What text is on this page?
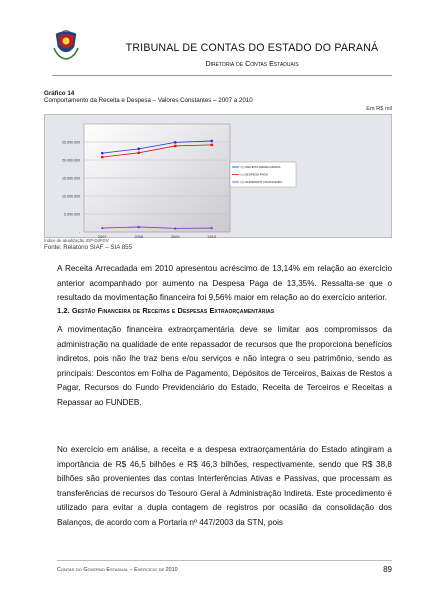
TRIBUNAL DE CONTAS DO ESTADO DO PARANÁ
Diretoria de Contas Estaduais
Gráfico 14
Comportamento da Receita e Despesa – Valores Constantes – 2007 a 2010
Em R$ mil
25.000.000
20.000.000
15.000.000
10.000.000
5.000.000
-
2007	2008	2009	2010
(=) RECEITA ARRECADADA
(-) DESPESA PAGA
(=) SUPERAVIT FINANCEIRO
Índice de atualização IGP-DI/FGV
Fonte: Relatório SIAF – SIA 855
A Receita Arrecadada em 2010 apresentou acréscimo de 13,14% em relação ao exercício anterior acompanhado por aumento na Despesa Paga de 13,35%. Ressalta-se que o resultado da movimentação financeira foi 9,56% maior em relação ao do exercício anterior.
1.2. Gestão Financeira de Receitas e Despesas Extraorçamentárias
A movimentação financeira extraorçamentária deve se limitar aos compromissos da administração na qualidade de ente repassador de recursos que lhe proporciona benefícios indiretos, pois não lhe traz bens e/ou serviços e não integra o seu patrimônio, sendo as principais: Descontos em Folha de Pagamento, Depósitos de Terceiros, Baixas de Restos a Pagar, Recursos do Fundo Previdenciário do Estado, Receita de Terceiros e Receitas a Repassar ao FUNDEB.
No exercício em análise, a receita e a despesa extraorçamentária do Estado atingiram a importância de R$ 46,5 bilhões e R$ 46,3 bilhões, respectivamente, sendo que R$ 38,8 bilhões são provenientes das contas Interferências Ativas e Passivas, que processam as transferências de recursos do Tesouro Geral à Administração Indireta. Este procedimento é utilizado para evitar a dupla contagem de registros por ocasião da consolidação dos Balanços, de acordo com a Portaria nº 447/2003 da STN, pois
Contas do Governo Estadual – Exercício de 2010	89
